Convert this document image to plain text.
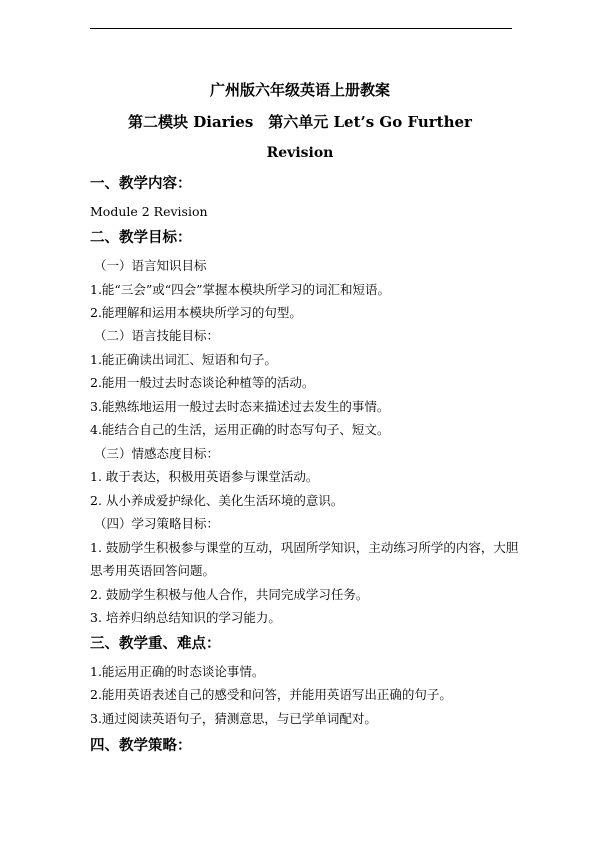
广州版六年级英语上册教案
第二模块 Diaries　第六单元 Let’s Go Further
Revision
一、教学内容：
Module 2 Revision
二、教学目标：
（一）语言知识目标
1.能“三会”或“四会”掌握本模块所学习的词汇和短语。
2.能理解和运用本模块所学习的句型。
（二）语言技能目标：
1.能正确读出词汇、短语和句子。
2.能用一般过去时态谈论种植等的活动。
3.能熟练地运用一般过去时态来描述过去发生的事情。
4.能结合自己的生活，运用正确的时态写句子、短文。
（三）情感态度目标：
1. 敢于表达，积极用英语参与课堂活动。
2. 从小养成爱护绿化、美化生活环境的意识。
（四）学习策略目标：
1. 鼓励学生积极参与课堂的互动，巩固所学知识，主动练习所学的内容，大胆
思考用英语回答问题。
2. 鼓励学生积极与他人合作，共同完成学习任务。
3. 培养归纳总结知识的学习能力。
三、教学重、难点：
1.能运用正确的时态谈论事情。
2.能用英语表述自己的感受和问答，并能用英语写出正确的句子。
3.通过阅读英语句子，猜测意思，与已学单词配对。
四、教学策略：
